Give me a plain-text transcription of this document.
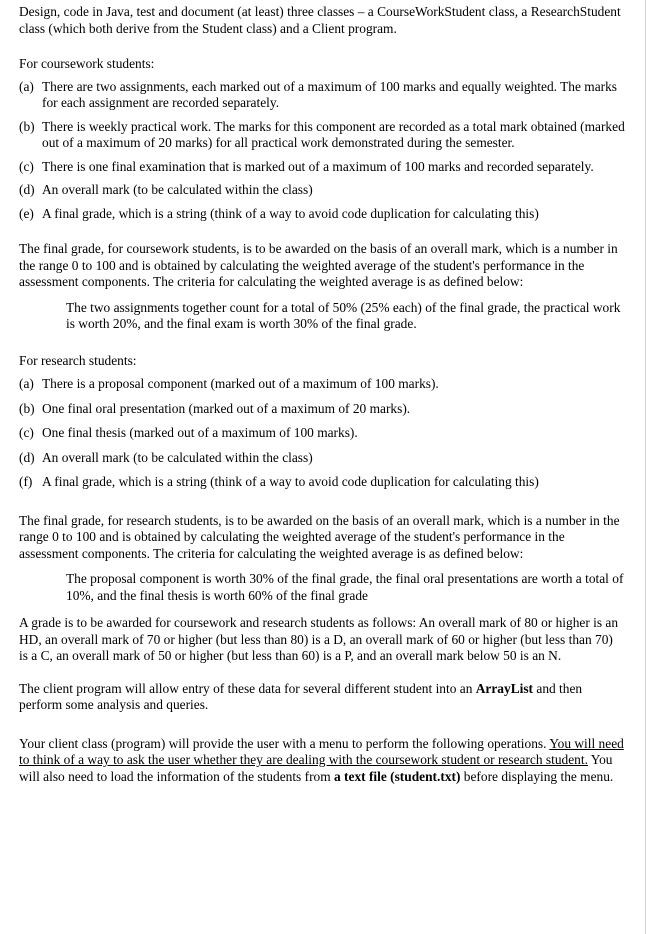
Design, code in Java, test and document (at least) three classes – a CourseWorkStudent class, a ResearchStudent class (which both derive from the Student class) and a Client program.

For coursework students:

(a) There are two assignments, each marked out of a maximum of 100 marks and equally weighted. The marks for each assignment are recorded separately.
(b) There is weekly practical work. The marks for this component are recorded as a total mark obtained (marked out of a maximum of 20 marks) for all practical work demonstrated during the semester.
(c) There is one final examination that is marked out of a maximum of 100 marks and recorded separately.
(d) An overall mark (to be calculated within the class)
(e) A final grade, which is a string (think of a way to avoid code duplication for calculating this)

The final grade, for coursework students, is to be awarded on the basis of an overall mark, which is a number in the range 0 to 100 and is obtained by calculating the weighted average of the student's performance in the assessment components. The criteria for calculating the weighted average is as defined below:

The two assignments together count for a total of 50% (25% each) of the final grade, the practical work is worth 20%, and the final exam is worth 30% of the final grade.

For research students:

(a) There is a proposal component (marked out of a maximum of 100 marks).
(b) One final oral presentation (marked out of a maximum of 20 marks).
(c) One final thesis (marked out of a maximum of 100 marks).
(d) An overall mark (to be calculated within the class)
(f) A final grade, which is a string (think of a way to avoid code duplication for calculating this)

The final grade, for research students, is to be awarded on the basis of an overall mark, which is a number in the range 0 to 100 and is obtained by calculating the weighted average of the student's performance in the assessment components. The criteria for calculating the weighted average is as defined below:

The proposal component is worth 30% of the final grade, the final oral presentations are worth a total of 10%, and the final thesis is worth 60% of the final grade

A grade is to be awarded for coursework and research students as follows: An overall mark of 80 or higher is an HD, an overall mark of 70 or higher (but less than 80) is a D, an overall mark of 60 or higher (but less than 70) is a C, an overall mark of 50 or higher (but less than 60) is a P, and an overall mark below 50 is an N.

The client program will allow entry of these data for several different student into an ArrayList and then perform some analysis and queries.

Your client class (program) will provide the user with a menu to perform the following operations. You will need to think of a way to ask the user whether they are dealing with the coursework student or research student. You will also need to load the information of the students from a text file (student.txt) before displaying the menu.
